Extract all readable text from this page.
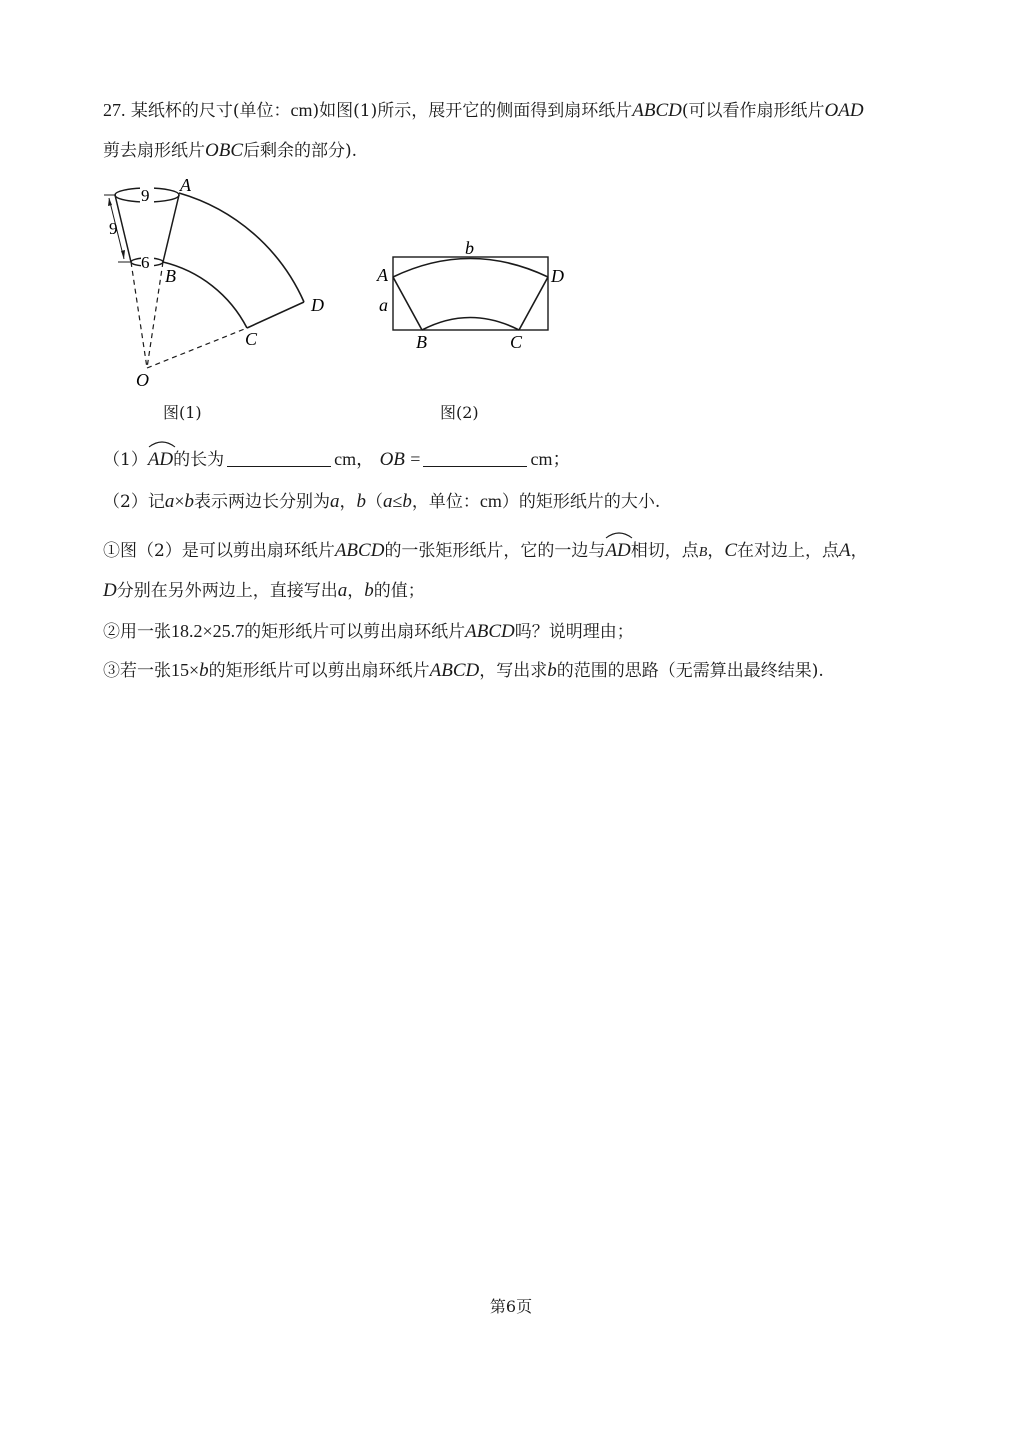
27. 某纸杯的尺寸(单位：cm)如图(1)所示，展开它的侧面得到扇环纸片ABCD(可以看作扇形纸片OAD
剪去扇形纸片OBC后剩余的部分).
9
9
6
A
B
C
D
O
图(1)
b
a
A	D
B	C
图(2)
（1）
AD的长为	cm， OB =	cm；
（2）记a×b表示两边长分别为a，b（a≤b，单位：cm）的矩形纸片的大小.
①图（2）是可以剪出扇环纸片ABCD的一张矩形纸片，它的一边与
AD相切，点B，C在对边上，点A，
D分别在另外两边上，直接写出a，b的值；
②用一张18.2×25.7的矩形纸片可以剪出扇环纸片ABCD吗？说明理由；
③若一张15×b的矩形纸片可以剪出扇环纸片ABCD，写出求b的范围的思路（无需算出最终结果).
第6页
